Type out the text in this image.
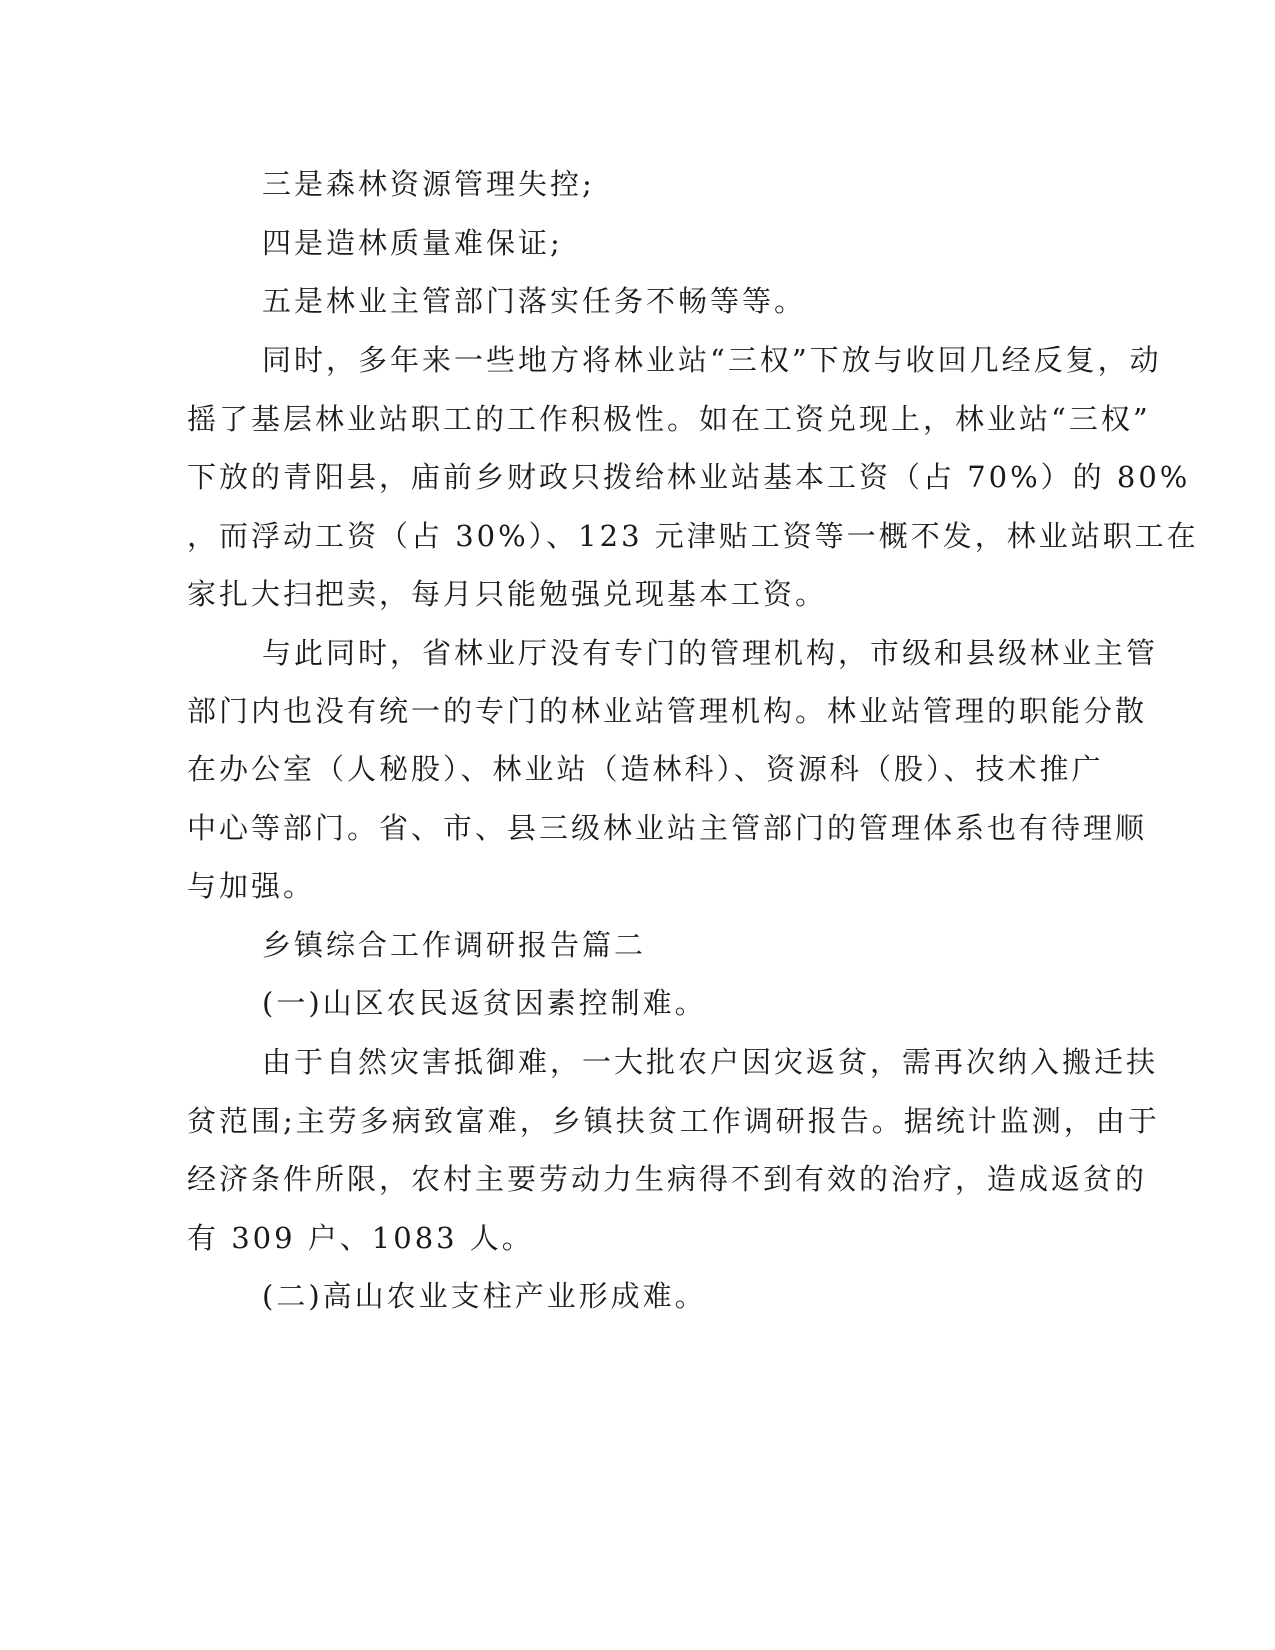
三是森林资源管理失控;
四是造林质量难保证;
五是林业主管部门落实任务不畅等等。
同时，多年来一些地方将林业站“三权”下放与收回几经反复，动
摇了基层林业站职工的工作积极性。如在工资兑现上，林业站“三权”
下放的青阳县，庙前乡财政只拨给林业站基本工资（占 70%）的 80%
，而浮动工资（占 30%）、123 元津贴工资等一概不发，林业站职工在
家扎大扫把卖，每月只能勉强兑现基本工资。
与此同时，省林业厅没有专门的管理机构，市级和县级林业主管
部门内也没有统一的专门的林业站管理机构。林业站管理的职能分散
在办公室（人秘股）、林业站（造林科）、资源科（股）、技术推广
中心等部门。省、市、县三级林业站主管部门的管理体系也有待理顺
与加强。
乡镇综合工作调研报告篇二
(一)山区农民返贫因素控制难。
由于自然灾害抵御难，一大批农户因灾返贫，需再次纳入搬迁扶
贫范围;主劳多病致富难，乡镇扶贫工作调研报告。据统计监测，由于
经济条件所限，农村主要劳动力生病得不到有效的治疗，造成返贫的
有 309 户、1083 人。
(二)高山农业支柱产业形成难。
